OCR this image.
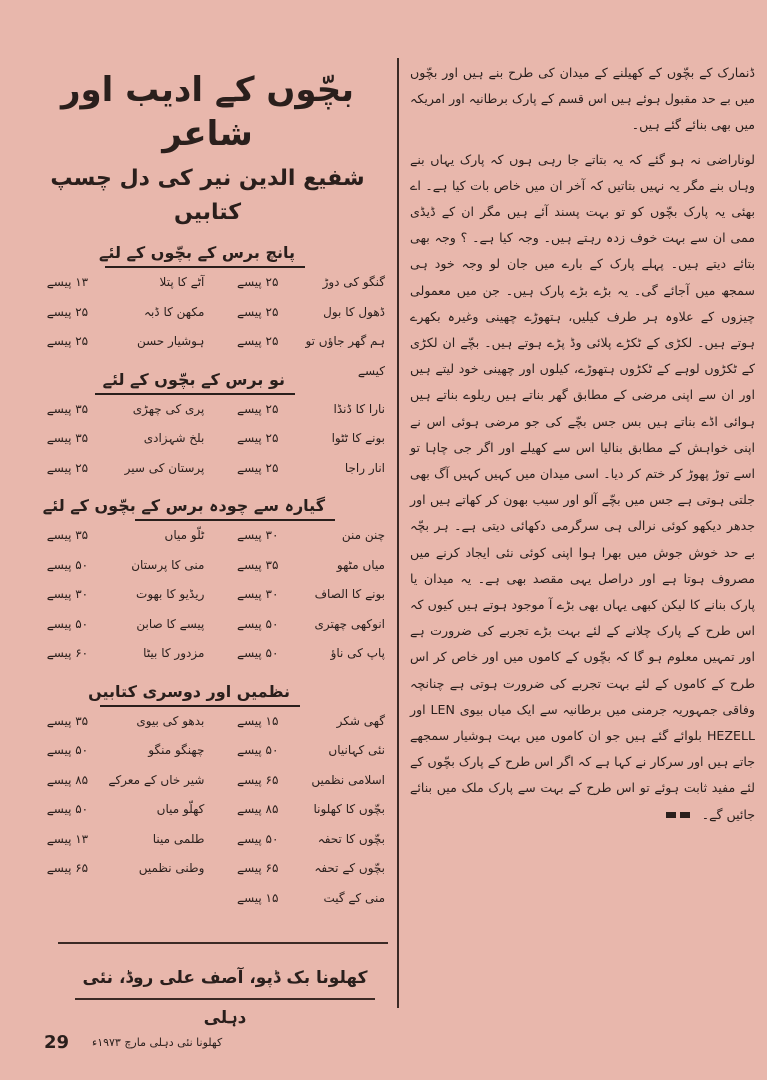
ڈنمارک کے بچّوں کے کھیلنے کے میدان کی طرح بنے ہیں اور بچّوں میں بے حد مقبول ہوئے ہیں اس قسم کے پارک برطانیہ اور امریکہ میں بھی بنائے گئے ہیں۔

لوناراضی نہ ہو گئے کہ یہ بتاتے جا رہی ہوں کہ پارک یہاں بنے وہاں بنے مگر یہ نہیں بتاتیں کہ آخر ان میں خاص بات کیا ہے۔ اے بھئی یہ پارک بچّوں کو تو بہت پسند آئے ہیں مگر ان کے ڈیڈی ممی ان سے بہت خوف زدہ رہتے ہیں۔ وجہ کیا ہے۔ ؟ وجہ بھی بتائے دیتے ہیں۔ پہلے پارک کے بارے میں جان لو وجہ خود ہی سمجھ میں آجائے گی۔ یہ بڑے بڑے پارک ہیں۔ جن میں معمولی چیزوں کے علاوہ ہر طرف کیلیں، ہتھوڑے چھینی وغیرہ بکھرے ہوتے ہیں۔ لکڑی کے ٹکڑے پلائی وڈ پڑے ہوتے ہیں۔ بچّے ان لکڑی کے ٹکڑوں لوہے کے ٹکڑوں ہتھوڑے، کیلوں اور چھینی خود لیتے ہیں اور ان سے اپنی مرضی کے مطابق گھر بناتے ہیں ریلوے بناتے ہیں ہوائی اڈے بناتے ہیں بس جس بچّے کی جو مرضی ہوئی اس نے اپنی خواہش کے مطابق بنالیا اس سے کھیلے اور اگر جی چاہا تو اسے توڑ پھوڑ کر ختم کر دیا۔ اسی میدان میں کہیں کہیں آگ بھی جلتی ہوتی ہے جس میں بچّے آلو اور سیب بھون کر کھاتے ہیں اور جدھر دیکھو کوئی نرالی ہی سرگرمی دکھائی دیتی ہے۔ ہر بچّہ بے حد خوش جوش میں بھرا ہوا اپنی کوئی نئی ایجاد کرنے میں مصروف ہوتا ہے اور دراصل یہی مقصد بھی ہے۔ یہ میدان یا پارک بنانے کا لیکن کبھی یہاں بھی بڑے آ موجود ہوتے ہیں کیوں کہ اس طرح کے پارک چلانے کے لئے بہت بڑے تجربے کی ضرورت ہے اور تمہیں معلوم ہو گا کہ بچّوں کے کاموں میں اور خاص کر اس طرح کے کاموں کے لئے بہت تجربے کی ضرورت ہوتی ہے چنانچہ وفاقی جمہوریہ جرمنی میں برطانیہ سے ایک میاں بیوی LEN اور HEZELL بلوائے گئے ہیں جو ان کاموں میں بہت ہوشیار سمجھے جاتے ہیں اور سرکار نے کہا ہے کہ اگر اس طرح کے پارک بچّوں کے لئے مفید ثابت ہوئے تو اس طرح کے بہت سے پارک ملک میں بنائے جائیں گے۔

بچّوں کے ادیب اور شاعر
شفیع الدین نیر کی دل چسپ کتابیں
پانچ برس کے بچّوں کے لئے
گنگو کی دوڑ
۲۵ پیسے
آٹے کا پتلا
۱۳ پیسے
ڈھول کا بول
۲۵ پیسے
مکھن کا ڈبہ
۲۵ پیسے
ہم گھر جاؤں تو کیسے
۲۵ پیسے
ہوشیار حسن
۲۵ پیسے
نو برس کے بچّوں کے لئے
نارا کا ڈنڈا
۲۵ پیسے
پری کی چھڑی
۳۵ پیسے
بونے کا ٹٹوا
۲۵ پیسے
بلخ شہزادی
۳۵ پیسے
انار راجا
۲۵ پیسے
پرستان کی سیر
۲۵ پیسے
گیارہ سے چودہ برس کے بچّوں کے لئے
چنن منن
۳۰ پیسے
ٹلّو میاں
۳۵ پیسے
میاں مٹھو
۳۵ پیسے
منی کا پرستان
۵۰ پیسے
بونے کا الصاف
۳۰ پیسے
ریڈیو کا بھوت
۳۰ پیسے
انوکھی چھتری
۵۰ پیسے
پیسے کا صابن
۵۰ پیسے
پاپ کی ناؤ
۵۰ پیسے
مزدور کا بیٹا
۶۰ پیسے
نظمیں اور دوسری کتابیں
گھی شکر
۱۵ پیسے
بدھو کی بیوی
۳۵ پیسے
نئی کہانیاں
۵۰ پیسے
چھنگو منگو
۵۰ پیسے
اسلامی نظمیں
۶۵ پیسے
شیر خاں کے معرکے
۸۵ پیسے
بچّوں کا کھلونا
۸۵ پیسے
کھلّو میاں
۵۰ پیسے
بچّوں کا تحفہ
۵۰ پیسے
طلمی مینا
۱۳ پیسے
بچّوں کے تحفہ
۶۵ پیسے
وطنی نظمیں
۶۵ پیسے
منی کے گیت
۱۵ پیسے
کھلونا بک ڈپو، آصف علی روڈ، نئی دہلی
29 کھلونا نئی دہلی مارچ ۱۹۷۳ء
